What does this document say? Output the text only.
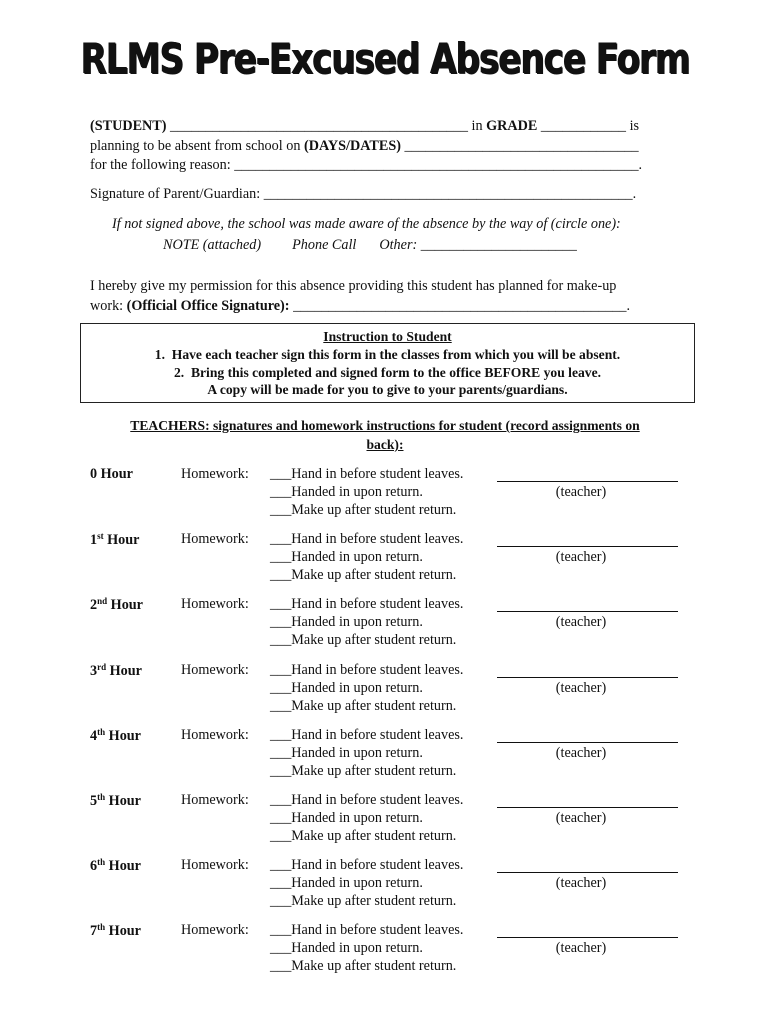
RLMS Pre-Excused Absence Form
(STUDENT) __________________________________________ in GRADE ____________ is
planning to be absent from school on (DAYS/DATES) _________________________________
for the following reason: _________________________________________________________.
Signature of Parent/Guardian: ____________________________________________________.
If not signed above, the school was made aware of the absence by the way of (circle one):
NOTE (attached) Phone Call Other: ______________________
I hereby give my permission for this absence providing this student has planned for make-up
work: (Official Office Signature): _______________________________________________.
Instruction to Student
1.  Have each teacher sign this form in the classes from which you will be absent.
2.  Bring this completed and signed form to the office BEFORE you leave.
A copy will be made for you to give to your parents/guardians.
TEACHERS: signatures and homework instructions for student (record assignments on
back):
0 Hour	Homework: ___Hand in before student leaves.
___Handed in upon return.
___Make up after student return.
(teacher)
1st Hour	Homework: ___Hand in before student leaves.
___Handed in upon return.
___Make up after student return.
(teacher)
2nd Hour	Homework: ___Hand in before student leaves.
___Handed in upon return.
___Make up after student return.
(teacher)
3rd Hour	Homework: ___Hand in before student leaves.
___Handed in upon return.
___Make up after student return.
(teacher)
4th Hour	Homework: ___Hand in before student leaves.
___Handed in upon return.
___Make up after student return.
(teacher)
5th Hour	Homework: ___Hand in before student leaves.
___Handed in upon return.
___Make up after student return.
(teacher)
6th Hour	Homework: ___Hand in before student leaves.
___Handed in upon return.
___Make up after student return.
(teacher)
7th Hour	Homework: ___Hand in before student leaves.
___Handed in upon return.
___Make up after student return.
(teacher)
